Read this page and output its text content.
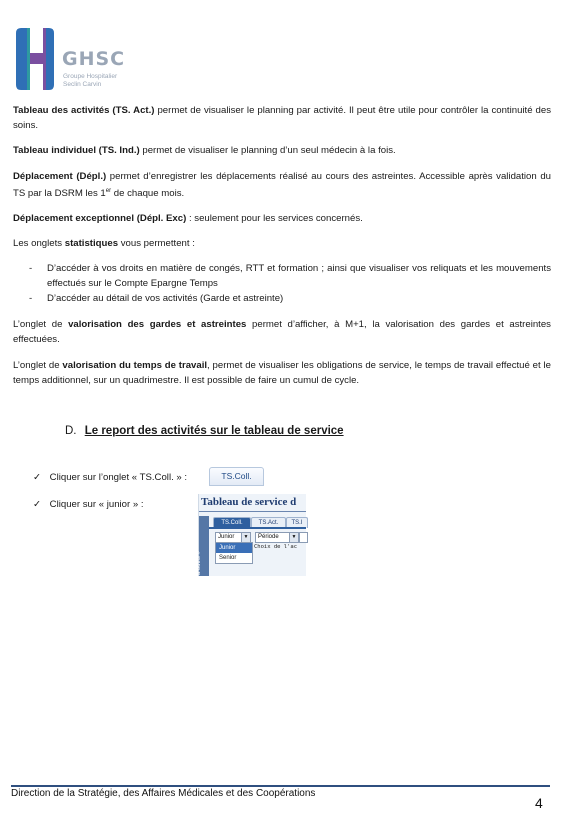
GHSC
Groupe Hospitalier
Seclin Carvin

Tableau des activités (TS. Act.) permet de visualiser le planning par activité. Il peut être utile pour contrôler la continuité des soins.

Tableau individuel (TS. Ind.) permet de visualiser le planning d’un seul médecin à la fois.

Déplacement (Dépl.) permet d’enregistrer les déplacements réalisé au cours des astreintes. Accessible après validation du TS par la DSRM les 1er de chaque mois.

Déplacement exceptionnel (Dépl. Exc) : seulement pour les services concernés.

Les onglets statistiques vous permettent :

- D’accéder à vos droits en matière de congés, RTT et formation ; ainsi que visualiser vos reliquats et les mouvements effectués sur le Compte Epargne Temps
- D’accéder au détail de vos activités (Garde et astreinte)

L’onglet de valorisation des gardes et astreintes permet d’afficher, à M+1, la valorisation des gardes et astreintes effectuées.

L’onglet de valorisation du temps de travail, permet de visualiser les obligations de service, le temps de travail effectué et le temps additionnel, sur un quadrimestre. Il est possible de faire un cumul de cycle.

D. Le report des activités sur le tableau de service
✓ Cliquer sur l’onglet « TS.Coll. » :	TS.Coll.
✓ Cliquer sur « junior » :	Tableau de service d
oîte à outils »
TS.Coll.	TS.Act.	TS.I
Junior	▼	Période	▼
Junior
Senior
Choix de l'ac
Direction de la Stratégie, des Affaires Médicales et des Coopérations
4
